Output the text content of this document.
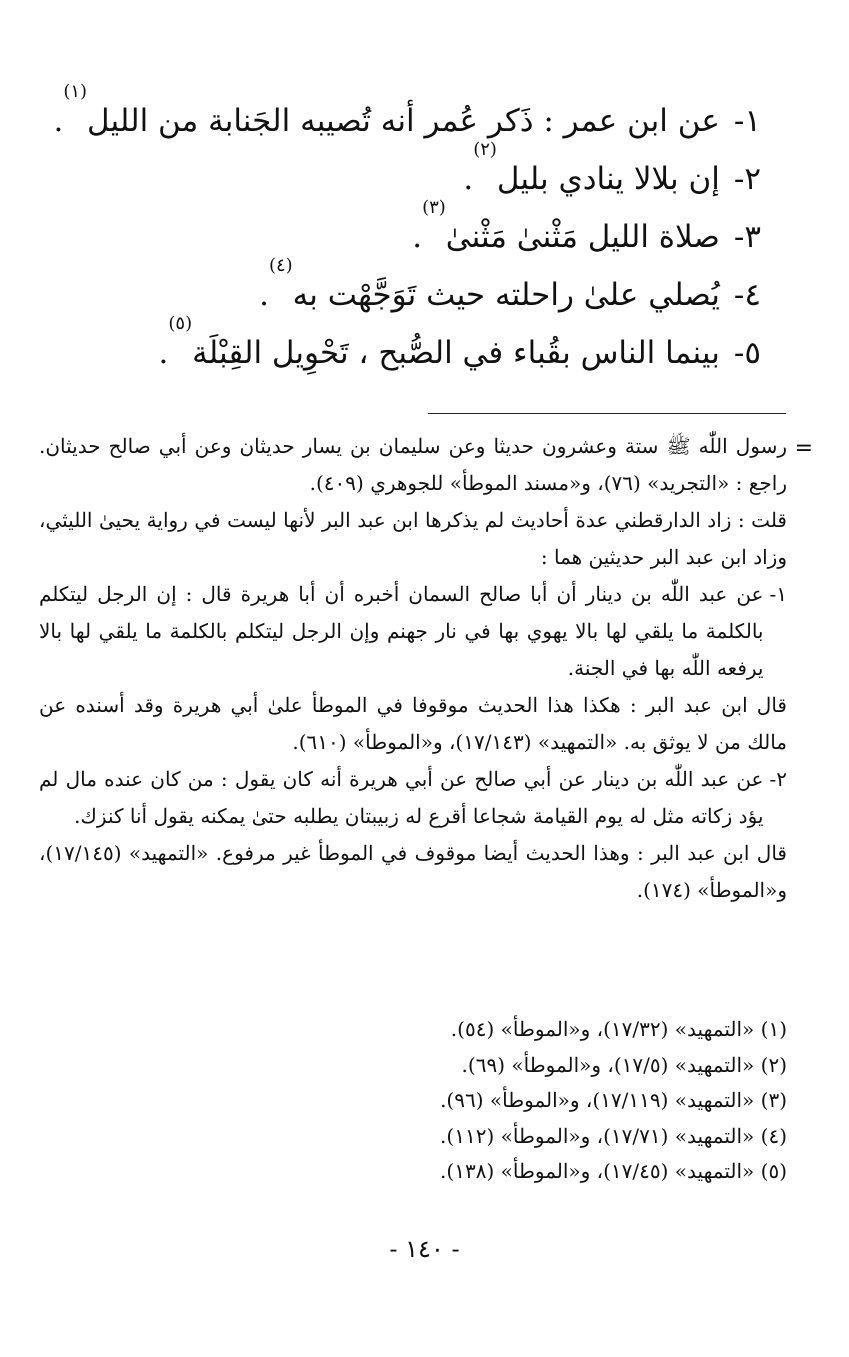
١-
عن ابن عمر : ذَكر عُمر أنه تُصيبه الجَنابة من الليل
(١)
.
٢-
إن بلالا ينادي بليل
(٢)
.
٣-
صلاة الليل مَثْنىٰ مَثْنىٰ
(٣)
.
٤-
يُصلي علىٰ راحلته حيث تَوَجَّهْت به
(٤)
.
٥-
بينما الناس بقُباء في الصُّبح ، تَحْوِيل القِبْلَة
(٥)
.
=

رسول اللّٰه ﷺ ستة وعشرون حديثا وعن سليمان بن يسار حديثان وعن أبي صالح حديثان. راجع : «التجريد» (٧٦)، و«مسند الموطأ» للجوهري (٤٠٩).

قلت : زاد الدارقطني عدة أحاديث لم يذكرها ابن عبد البر لأنها ليست في رواية يحيىٰ الليثي، وزاد ابن عبد البر حديثين هما :

١-
عن عبد اللّٰه بن دينار أن أبا صالح السمان أخبره أن أبا هريرة قال : إن الرجل ليتكلم بالكلمة ما يلقي لها بالا يهوي بها في نار جهنم وإن الرجل ليتكلم بالكلمة ما يلقي لها بالا يرفعه اللّٰه بها في الجنة.

قال ابن عبد البر : هكذا هذا الحديث موقوفا في الموطأ علىٰ أبي هريرة وقد أسنده عن مالك من لا يوثق به. «التمهيد» (١٧/١٤٣)، و«الموطأ» (٦١٠).

٢-
عن عبد اللّٰه بن دينار عن أبي صالح عن أبي هريرة أنه كان يقول : من كان عنده مال لم يؤد زكاته مثل له يوم القيامة شجاعا أقرع له زبيبتان يطلبه حتىٰ يمكنه يقول أنا كنزك.

قال ابن عبد البر : وهذا الحديث أيضا موقوف في الموطأ غير مرفوع. «التمهيد» (١٧/١٤٥)، و«الموطأ» (١٧٤).

(١) «التمهيد» (١٧/٣٢)، و«الموطأ» (٥٤).

(٢) «التمهيد» (١٧/٥)، و«الموطأ» (٦٩).

(٣) «التمهيد» (١٧/١١٩)، و«الموطأ» (٩٦).

(٤) «التمهيد» (١٧/٧١)، و«الموطأ» (١١٢).

(٥) «التمهيد» (١٧/٤٥)، و«الموطأ» (١٣٨).

- ١٤٠ -
